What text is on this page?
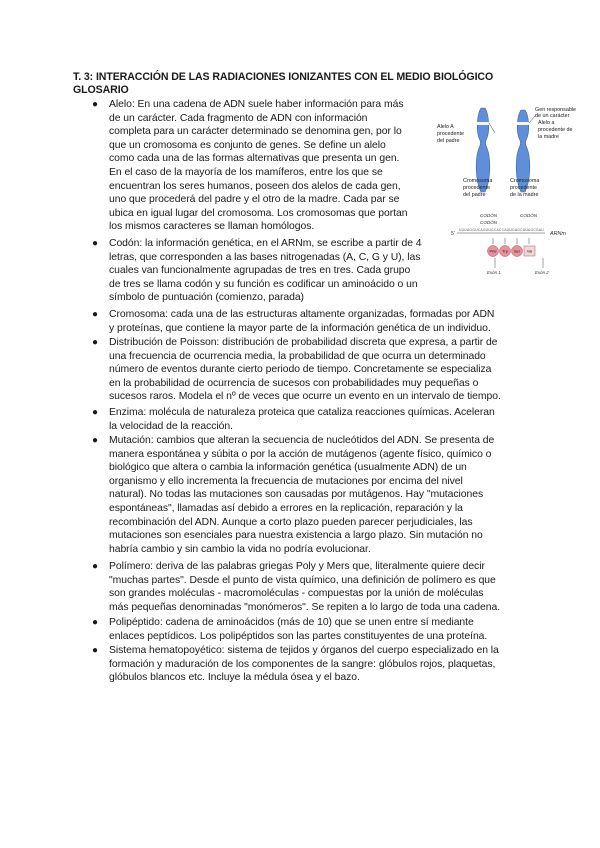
T. 3: INTERACCIÓN DE LAS RADIACIONES IONIZANTES CON EL MEDIO BIOLÓGICO
GLOSARIO
● Alelo: En una cadena de ADN suele haber información para más
de un carácter. Cada fragmento de ADN con información
completa para un carácter determinado se denomina gen, por lo
que un cromosoma es conjunto de genes. Se define un alelo
como cada una de las formas alternativas que presenta un gen.
En el caso de la mayoría de los mamíferos, entre los que se
encuentran los seres humanos, poseen dos alelos de cada gen,
uno que procederá del padre y el otro de la madre. Cada par se
ubica en igual lugar del cromosoma. Los cromosomas que portan
los mismos caracteres se llaman homólogos.
● Codón: la información genética, en el ARNm, se escribe a partir de 4
letras, que corresponden a las bases nitrogenadas (A, C, G y U), las
cuales van funcionalmente agrupadas de tres en tres. Cada grupo
de tres se llama codón y su función es codificar un aminoácido o un
símbolo de puntuación (comienzo, parada)
● Cromosoma: cada una de las estructuras altamente organizadas, formadas por ADN
y proteínas, que contiene la mayor parte de la información genética de un individuo.
● Distribución de Poisson: distribución de probabilidad discreta que expresa, a partir de
una frecuencia de ocurrencia media, la probabilidad de que ocurra un determinado
número de eventos durante cierto periodo de tiempo. Concretamente se especializa
en la probabilidad de ocurrencia de sucesos con probabilidades muy pequeñas o
sucesos raros. Modela el nº de veces que ocurre un evento en un intervalo de tiempo.
● Enzima: molécula de naturaleza proteica que cataliza reacciones químicas. Aceleran
la velocidad de la reacción.
● Mutación: cambios que alteran la secuencia de nucleótidos del ADN. Se presenta de
manera espontánea y súbita o por la acción de mutágenos (agente físico, químico o
biológico que altera o cambia la información genética (usualmente ADN) de un
organismo y ello incrementa la frecuencia de mutaciones por encima del nivel
natural). No todas las mutaciones son causadas por mutágenos. Hay "mutaciones
espontáneas", llamadas así debido a errores en la replicación, reparación y la
recombinación del ADN. Aunque a corto plazo pueden parecer perjudiciales, las
mutaciones son esenciales para nuestra existencia a largo plazo. Sin mutación no
habría cambio y sin cambio la vida no podría evolucionar.
● Polímero: deriva de las palabras griegas Poly y Mers que, literalmente quiere decir
"muchas partes". Desde el punto de vista químico, una definición de polímero es que
son grandes moléculas - macromoléculas - compuestas por la unión de moléculas
más pequeñas denominadas "monómeros". Se repiten a lo largo de toda una cadena.
● Polipéptido: cadena de aminoácidos (más de 10) que se unen entre sí mediante
enlaces peptídicos. Los polipéptidos son las partes constituyentes de una proteína.
● Sistema hematopoyético: sistema de tejidos y órganos del cuerpo especializado en la
formación y maduración de los componentes de la sangre: glóbulos rojos, plaquetas,
glóbulos blancos etc. Incluye la médula ósea y el bazo.
Alelo A procedente del padre
Gen responsable de un carácter
Alelo a procedente de la madre
Cromosoma procedente del padre
Cromosoma procedente de la madre
CODÓN
CODÓN
CODÓN
5'	ARNm
UUUAGGUCAGUUGCACCAUUGAGCUUAGCGAU
Phe Trp Ser Val
Exón 1	Exón 2
